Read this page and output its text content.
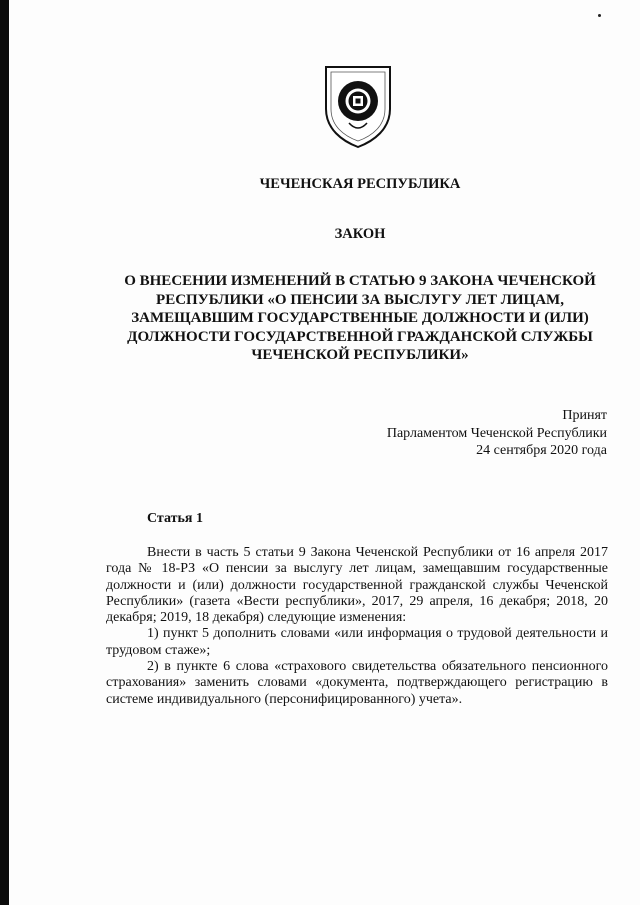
ЧЕЧЕНСКАЯ РЕСПУБЛИКА
ЗАКОН
О ВНЕСЕНИИ ИЗМЕНЕНИЙ В СТАТЬЮ 9 ЗАКОНА ЧЕЧЕНСКОЙ
РЕСПУБЛИКИ «О ПЕНСИИ ЗА ВЫСЛУГУ ЛЕТ ЛИЦАМ,
ЗАМЕЩАВШИМ ГОСУДАРСТВЕННЫЕ ДОЛЖНОСТИ И (ИЛИ)
ДОЛЖНОСТИ ГОСУДАРСТВЕННОЙ ГРАЖДАНСКОЙ СЛУЖБЫ
ЧЕЧЕНСКОЙ РЕСПУБЛИКИ»
Принят
Парламентом Чеченской Республики
24 сентября 2020 года
Статья 1

Внести в часть 5 статьи 9 Закона Чеченской Республики от 16 апреля 2017 года № 18-РЗ «О пенсии за выслугу лет лицам, замещавшим государственные должности и (или) должности государственной гражданской службы Чеченской Республики» (газета «Вести республики», 2017, 29 апреля, 16 декабря; 2018, 20 декабря; 2019, 18 декабря) следующие изменения:

1) пункт 5 дополнить словами «или информация о трудовой деятельности и трудовом стаже»;

2) в пункте 6 слова «страхового свидетельства обязательного пенсионного страхования» заменить словами «документа, подтверждающего регистрацию в системе индивидуального (персонифицированного) учета».
